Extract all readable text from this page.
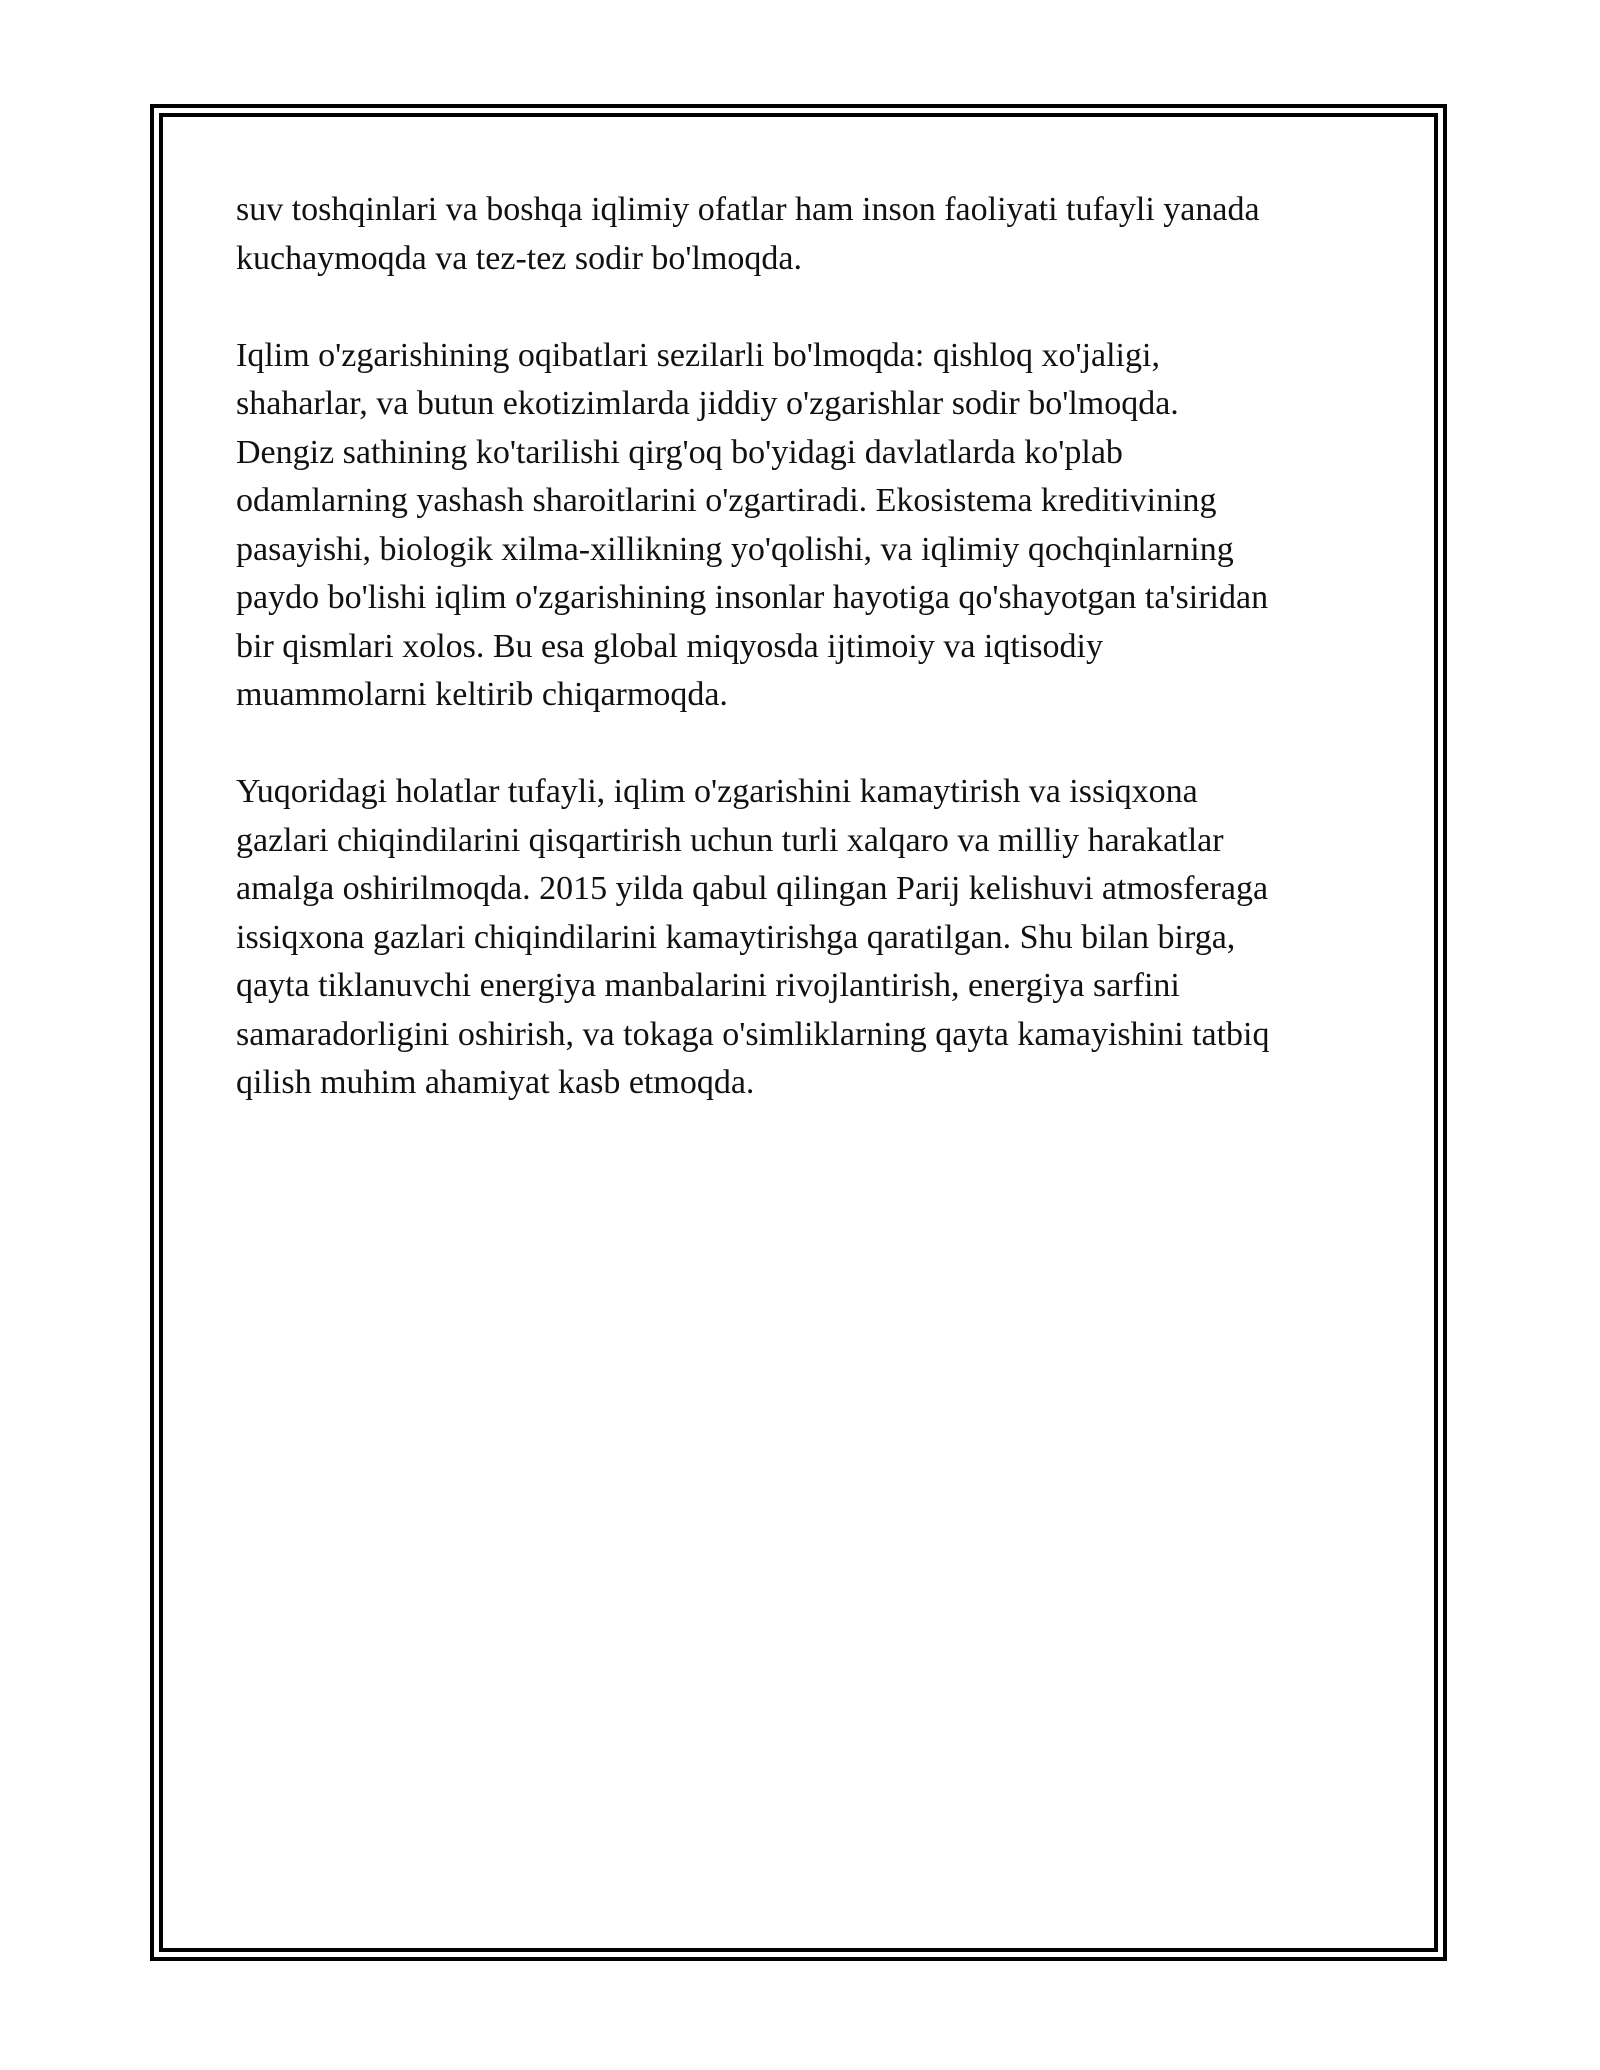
suv toshqinlari va boshqa iqlimiy ofatlar ham inson faoliyati tufayli yanada
kuchaymoqda va tez-tez sodir bo'lmoqda.

Iqlim o'zgarishining oqibatlari sezilarli bo'lmoqda: qishloq xo'jaligi,
shaharlar, va butun ekotizimlarda jiddiy o'zgarishlar sodir bo'lmoqda.
Dengiz sathining ko'tarilishi qirg'oq bo'yidagi davlatlarda ko'plab
odamlarning yashash sharoitlarini o'zgartiradi. Ekosistema kreditivining
pasayishi, biologik xilma-xillikning yo'qolishi, va iqlimiy qochqinlarning
paydo bo'lishi iqlim o'zgarishining insonlar hayotiga qo'shayotgan ta'siridan
bir qismlari xolos. Bu esa global miqyosda ijtimoiy va iqtisodiy
muammolarni keltirib chiqarmoqda.

Yuqoridagi holatlar tufayli, iqlim o'zgarishini kamaytirish va issiqxona
gazlari chiqindilarini qisqartirish uchun turli xalqaro va milliy harakatlar
amalga oshirilmoqda. 2015 yilda qabul qilingan Parij kelishuvi atmosferaga
issiqxona gazlari chiqindilarini kamaytirishga qaratilgan. Shu bilan birga,
qayta tiklanuvchi energiya manbalarini rivojlantirish, energiya sarfini
samaradorligini oshirish, va tokaga o'simliklarning qayta kamayishini tatbiq
qilish muhim ahamiyat kasb etmoqda.
